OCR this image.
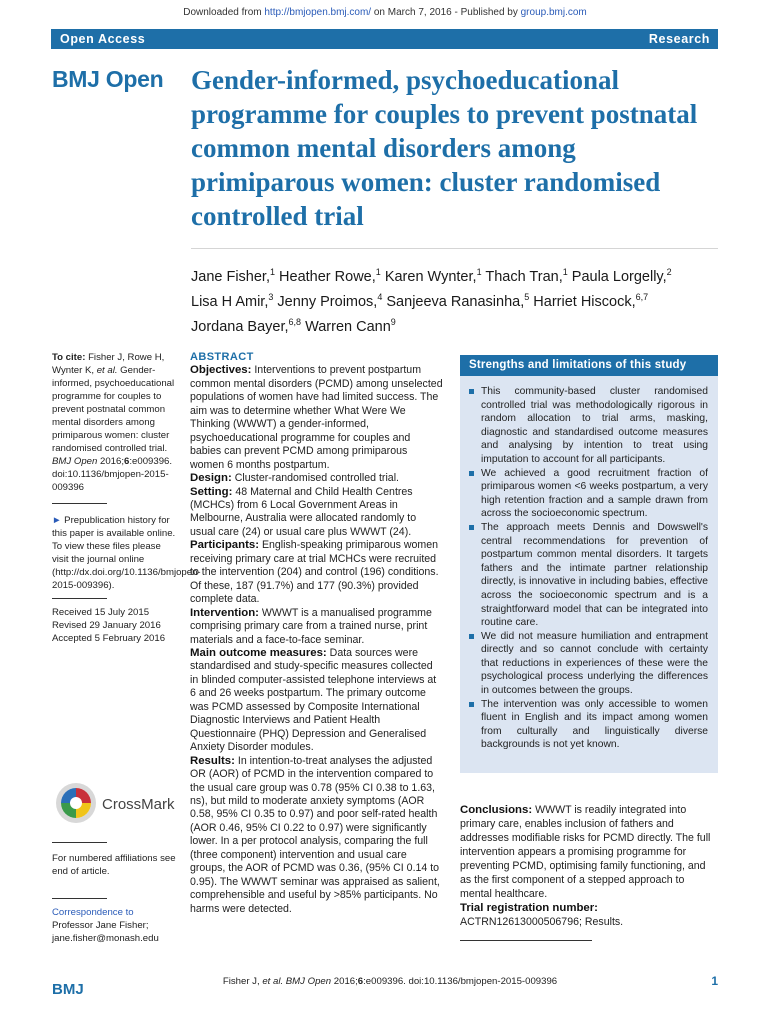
Downloaded from http://bmjopen.bmj.com/ on March 7, 2016 - Published by group.bmj.com
Open Access	Research
BMJ Open Gender-informed, psychoeducational programme for couples to prevent postnatal common mental disorders among primiparous women: cluster randomised controlled trial
Jane Fisher,$^1$ Heather Rowe,$^1$ Karen Wynter,$^1$ Thach Tran,$^1$ Paula Lorgelly,$^2$
Lisa H Amir,$^3$ Jenny Proimos,$^4$ Sanjeeva Ranasinha,$^5$ Harriet Hiscock,$^{6,7}$
Jordana Bayer,$^{6,8}$ Warren Cann$^9$
To cite: Fisher J, Rowe H, Wynter K, et al. Gender-informed, psychoeducational programme for couples to prevent postnatal common mental disorders among primiparous women: cluster randomised controlled trial. BMJ Open 2016;6:e009396. doi:10.1136/bmjopen-2015-009396
► Prepublication history for this paper is available online. To view these files please visit the journal online (http://dx.doi.org/10.1136/bmjopen-2015-009396).
Received 15 July 2015
Revised 29 January 2016
Accepted 5 February 2016
CrossMark
For numbered affiliations see end of article.
Correspondence to
Professor Jane Fisher;
jane.fisher@monash.edu
ABSTRACT
Objectives: Interventions to prevent postpartum common mental disorders (PCMD) among unselected populations of women have had limited success. The aim was to determine whether What Were We Thinking (WWWT) a gender-informed, psychoeducational programme for couples and babies can prevent PCMD among primiparous women 6 months postpartum.
Design: Cluster-randomised controlled trial.
Setting: 48 Maternal and Child Health Centres (MCHCs) from 6 Local Government Areas in Melbourne, Australia were allocated randomly to usual care (24) or usual care plus WWWT (24).
Participants: English-speaking primiparous women receiving primary care at trial MCHCs were recruited to the intervention (204) and control (196) conditions. Of these, 187 (91.7%) and 177 (90.3%) provided complete data.
Intervention: WWWT is a manualised programme comprising primary care from a trained nurse, print materials and a face-to-face seminar.
Main outcome measures: Data sources were standardised and study-specific measures collected in blinded computer-assisted telephone interviews at 6 and 26 weeks postpartum. The primary outcome was PCMD assessed by Composite International Diagnostic Interviews and Patient Health Questionnaire (PHQ) Depression and Generalised Anxiety Disorder modules.
Results: In intention-to-treat analyses the adjusted OR (AOR) of PCMD in the intervention compared to the usual care group was 0.78 (95% CI 0.38 to 1.63, ns), but mild to moderate anxiety symptoms (AOR 0.58, 95% CI 0.35 to 0.97) and poor self-rated health (AOR 0.46, 95% CI 0.22 to 0.97) were significantly lower. In a per protocol analysis, comparing the full (three component) intervention and usual care groups, the AOR of PCMD was 0.36, (95% CI 0.14 to 0.95). The WWWT seminar was appraised as salient, comprehensible and useful by >85% participants. No harms were detected.
Strengths and limitations of this study
This community-based cluster randomised controlled trial was methodologically rigorous in random allocation to trial arms, masking, diagnostic and standardised outcome measures and analysing by intention to treat using imputation to account for all participants.
We achieved a good recruitment fraction of primiparous women <6 weeks postpartum, a very high retention fraction and a sample drawn from across the socioeconomic spectrum.
The approach meets Dennis and Dowswell's central recommendations for prevention of postpartum common mental disorders. It targets fathers and the intimate partner relationship directly, is innovative in including babies, effective across the socioeconomic spectrum and is a straightforward model that can be integrated into routine care.
We did not measure humiliation and entrapment directly and so cannot conclude with certainty that reductions in experiences of these were the psychological process underlying the differences in outcomes between the groups.
The intervention was only accessible to women fluent in English and its impact among women from culturally and linguistically diverse backgrounds is not yet known.
Conclusions: WWWT is readily integrated into primary care, enables inclusion of fathers and addresses modifiable risks for PCMD directly. The full intervention appears a promising programme for preventing PCMD, optimising family functioning, and as the first component of a stepped approach to mental healthcare.
Trial registration number: ACTRN12613000506796; Results.
BMJ	Fisher J, et al. BMJ Open 2016;6:e009396. doi:10.1136/bmjopen-2015-009396	1
